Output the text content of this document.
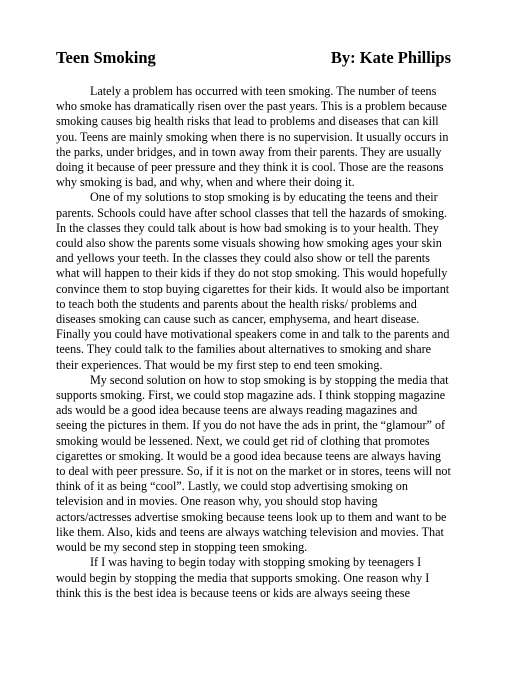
Teen Smoking	By: Kate Phillips

Lately a problem has occurred with teen smoking. The number of teens who smoke has dramatically risen over the past years. This is a problem because smoking causes big health risks that lead to problems and diseases that can kill you. Teens are mainly smoking when there is no supervision. It usually occurs in the parks, under bridges, and in town away from their parents. They are usually doing it because of peer pressure and they think it is cool. Those are the reasons why smoking is bad, and why, when and where their doing it.

One of my solutions to stop smoking is by educating the teens and their parents. Schools could have after school classes that tell the hazards of smoking. In the classes they could talk about is how bad smoking is to your health. They could also show the parents some visuals showing how smoking ages your skin and yellows your teeth. In the classes they could also show or tell the parents what will happen to their kids if they do not stop smoking. This would hopefully convince them to stop buying cigarettes for their kids. It would also be important to teach both the students and parents about the health risks/ problems and diseases smoking can cause such as cancer, emphysema, and heart disease. Finally you could have motivational speakers come in and talk to the parents and teens. They could talk to the families about alternatives to smoking and share their experiences. That would be my first step to end teen smoking.

My second solution on how to stop smoking is by stopping the media that supports smoking. First, we could stop magazine ads. I think stopping magazine ads would be a good idea because teens are always reading magazines and seeing the pictures in them. If you do not have the ads in print, the “glamour” of smoking would be lessened. Next, we could get rid of clothing that promotes cigarettes or smoking. It would be a good idea because teens are always having to deal with peer pressure. So, if it is not on the market or in stores, teens will not think of it as being “cool”. Lastly, we could stop advertising smoking on television and in movies. One reason why, you should stop having actors/actresses advertise smoking because teens look up to them and want to be like them. Also, kids and teens are always watching television and movies. That would be my second step in stopping teen smoking.

If I was having to begin today with stopping smoking by teenagers I would begin by stopping the media that supports smoking. One reason why I think this is the best idea is because teens or kids are always seeing these
